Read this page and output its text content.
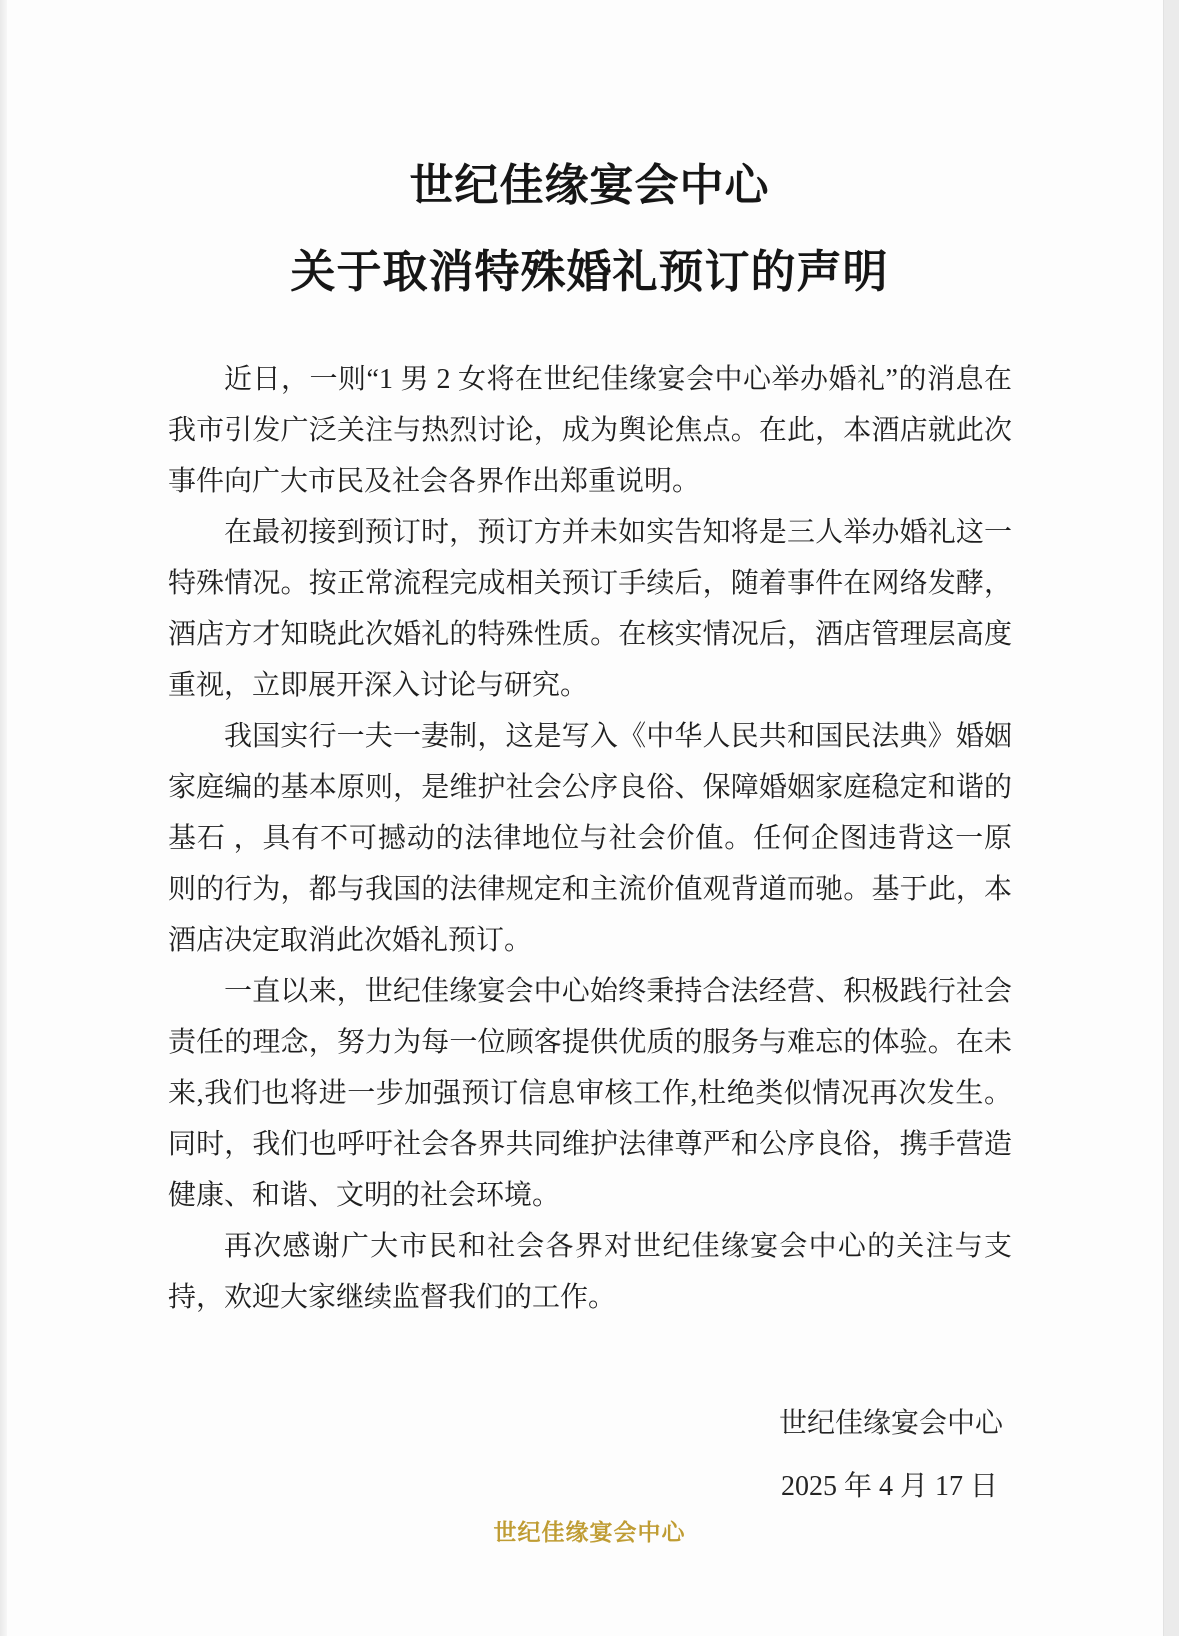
世纪佳缘宴会中心
关于取消特殊婚礼预订的声明

近日，一则“1 男 2 女将在世纪佳缘宴会中心举办婚礼”的消息在我市引发广泛关注与热烈讨论，成为舆论焦点。在此，本酒店就此次事件向广大市民及社会各界作出郑重说明。

在最初接到预订时，预订方并未如实告知将是三人举办婚礼这一特殊情况。按正常流程完成相关预订手续后，随着事件在网络发酵，酒店方才知晓此次婚礼的特殊性质。在核实情况后，酒店管理层高度重视，立即展开深入讨论与研究。

我国实行一夫一妻制，这是写入《中华人民共和国民法典》婚姻家庭编的基本原则，是维护社会公序良俗、保障婚姻家庭稳定和谐的基石 ，具有不可撼动的法律地位与社会价值。任何企图违背这一原则的行为，都与我国的法律规定和主流价值观背道而驰。基于此，本酒店决定取消此次婚礼预订。

一直以来，世纪佳缘宴会中心始终秉持合法经营、积极践行社会责任的理念，努力为每一位顾客提供优质的服务与难忘的体验。在未来,我们也将进一步加强预订信息审核工作,杜绝类似情况再次发生。同时，我们也呼吁社会各界共同维护法律尊严和公序良俗，携手营造健康、和谐、文明的社会环境。

再次感谢广大市民和社会各界对世纪佳缘宴会中心的关注与支持，欢迎大家继续监督我们的工作。

世纪佳缘宴会中心
2025 年 4 月 17 日
世纪佳缘宴会中心
